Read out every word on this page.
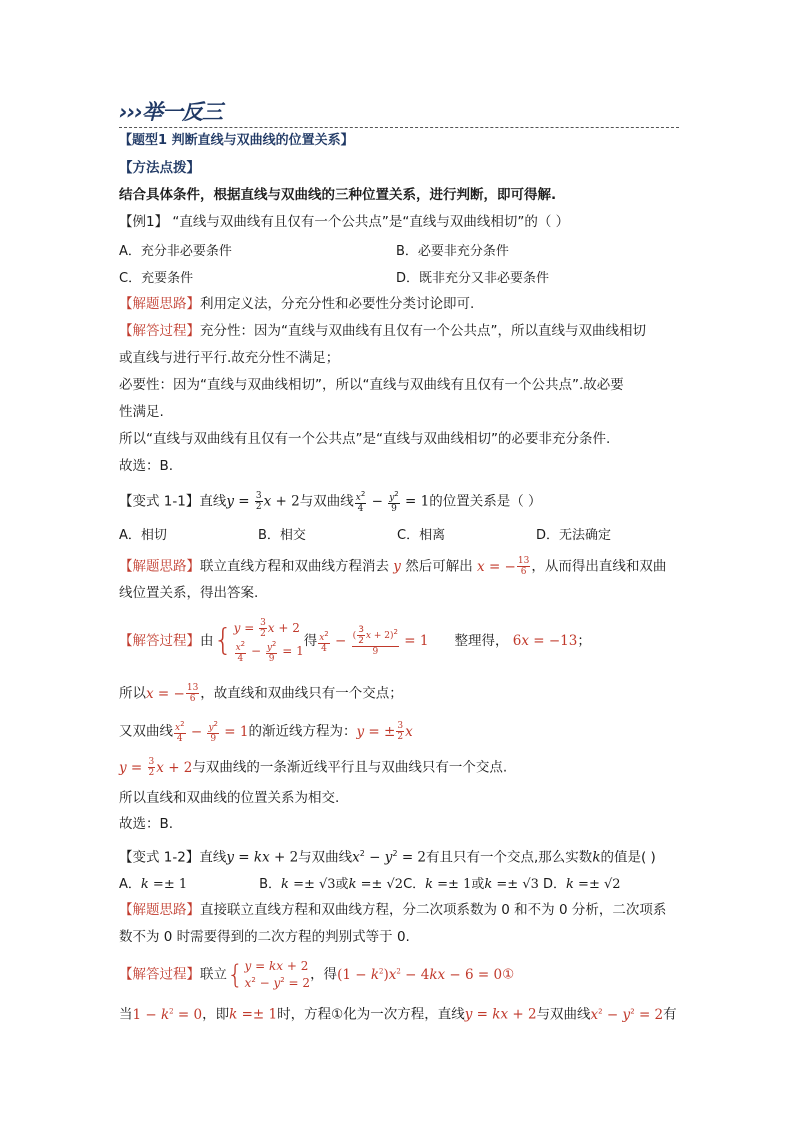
›››举一反三
【题型1 判断直线与双曲线的位置关系】
【方法点拨】
结合具体条件，根据直线与双曲线的三种位置关系，进行判断，即可得解.
【例1】 “直线与双曲线有且仅有一个公共点”是“直线与双曲线相切”的（ ）
A．充分非必要条件	B．必要非充分条件
C．充要条件	D．既非充分又非必要条件
【解题思路】利用定义法，分充分性和必要性分类讨论即可.
【解答过程】充分性：因为“直线与双曲线有且仅有一个公共点”，所以直线与双曲线相切
或直线与进行平行.故充分性不满足；
必要性：因为“直线与双曲线相切”，所以“直线与双曲线有且仅有一个公共点”.故必要
性满足.
所以“直线与双曲线有且仅有一个公共点”是“直线与双曲线相切”的必要非充分条件.
故选：B.
【变式 1-1】直线$y = \frac{3}{2}$ x + 2与双曲线 $\frac{x^2}{4} - \frac{y^2}{9} = 1$的位置关系是（ ）
A．相切	B．相交	C．相离	D．无法确定
【解题思路】联立直线方程和双曲线方程消去 y 然后可解出 x = − $\frac{13}{6}$ ，从而得出直线和双曲
线位置关系，得出答案.
【解答过程】由{ $y = \frac{3}{2}$ x + 2
$\frac{x^2}{4} - \frac{y^2}{9} = 1$
得 $\frac{x^2}{4} - \frac{( \frac{3}{2} x + 2)^2}{9} = 1$ 整理得， 6x = −13；
所以x = − $\frac{13}{6}$ ，故直线和双曲线只有一个交点；
又双曲线 $\frac{x^2}{4} - \frac{y^2}{9} = 1$的渐近线方程为：y = ± $\frac{3}{2}$ x
$y = \frac{3}{2}$ x + 2与双曲线的一条渐近线平行且与双曲线只有一个交点.
所以直线和双曲线的位置关系为相交.
故选：B.
【变式 1-2】直线y = kx + 2与双曲线$x^2 - y^2 = 2$有且只有一个交点,那么实数k的值是( )
A．k =± 1	B．k =± √3或k =± √2C．k =± 1或k =± √3 D．k =± √2
【解题思路】直接联立直线方程和双曲线方程，分二次项系数为 0 和不为 0 分析，二次项系
数不为 0 时需要得到的二次方程的判别式等于 0.
【解答过程】联立{ y = kx + 2
$x^2 - y^2 = 2$
，得$(1 - k^2)x^2 - 4kx - 6$ = 0①
当$1 - k^2 = 0$，即k =± 1时，方程①化为一次方程，直线y = kx + 2与双曲线$x^2 - y^2 = 2$有
